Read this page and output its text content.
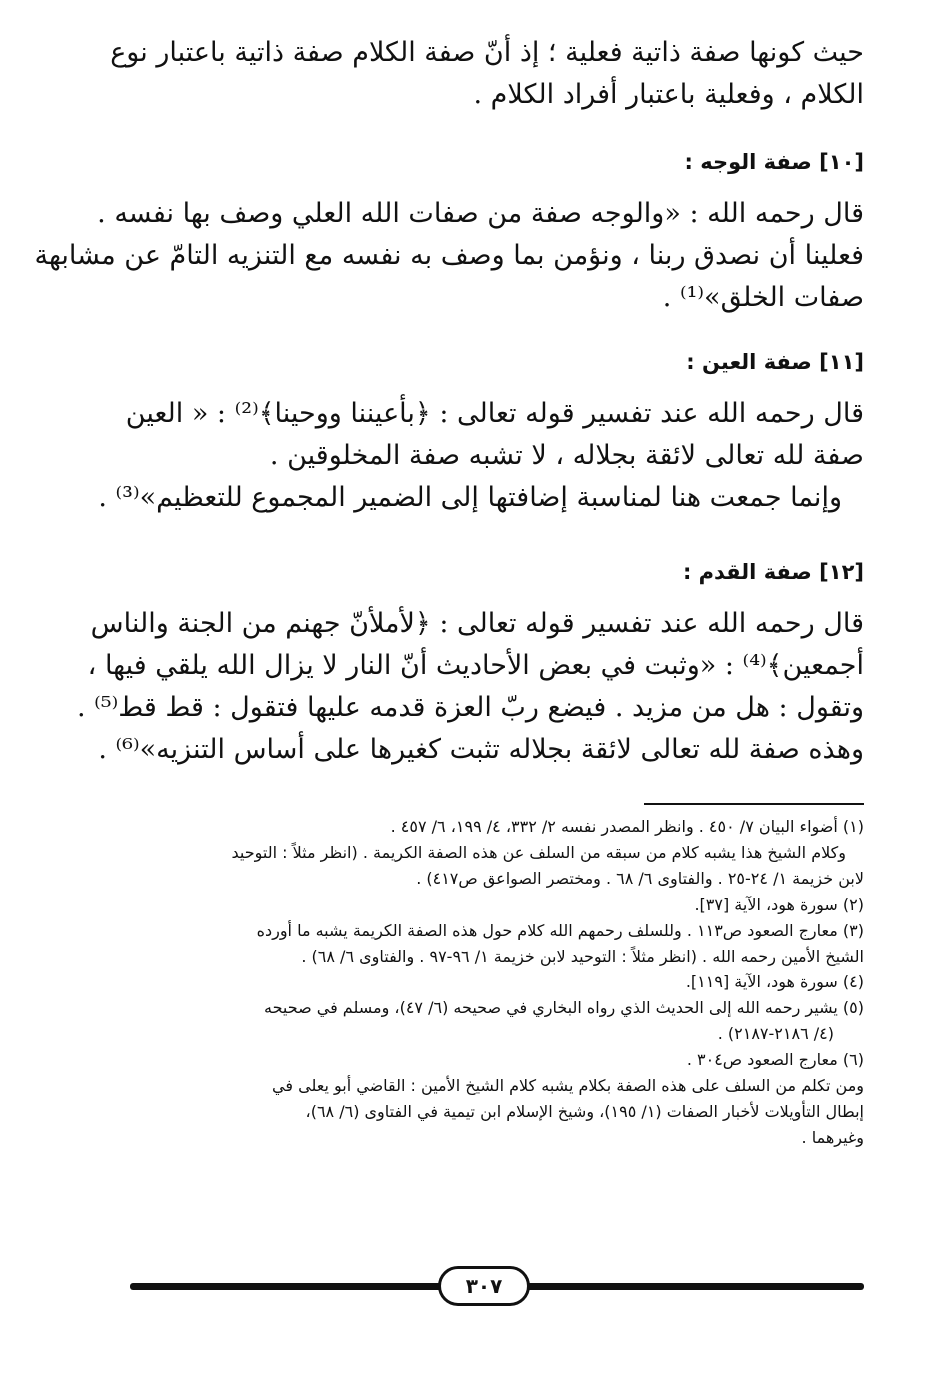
حيث كونها صفة ذاتية فعلية ؛ إذ أنّ صفة الكلام صفة ذاتية باعتبار نوع
الكلام ، وفعلية باعتبار أفراد الكلام .
[١٠] صفة الوجه :
قال رحمه الله : «والوجه صفة من صفات الله العلي وصف بها نفسه .
فعلينا أن نصدق ربنا ، ونؤمن بما وصف به نفسه مع التنزيه التامّ عن مشابهة
صفات الخلق»⁽¹⁾ .
[١١] صفة العين :
قال رحمه الله عند تفسير قوله تعالى : ﴿بأعيننا ووحينا﴾⁽²⁾ : « العين
صفة لله تعالى لائقة بجلاله ، لا تشبه صفة المخلوقين .
وإنما جمعت هنا لمناسبة إضافتها إلى الضمير المجموع للتعظيم»⁽³⁾ .
[١٢] صفة القدم :
قال رحمه الله عند تفسير قوله تعالى : ﴿لأملأنّ جهنم من الجنة والناس
أجمعين﴾⁽⁴⁾ : «وثبت في بعض الأحاديث أنّ النار لا يزال الله يلقي فيها ،
وتقول : هل من مزيد . فيضع ربّ العزة قدمه عليها فتقول : قط قط⁽⁵⁾ .
وهذه صفة لله تعالى لائقة بجلاله تثبت كغيرها على أساس التنزيه»⁽⁶⁾ .
(١) أضواء البيان ٧/ ٤٥٠ . وانظر المصدر نفسه ٢/ ٣٣٢، ٤/ ١٩٩، ٦/ ٤٥٧ .
وكلام الشيخ هذا يشبه كلام من سبقه من السلف عن هذه الصفة الكريمة . (انظر مثلاً : التوحيد
لابن خزيمة ١/ ٢٤-٢٥ . والفتاوى ٦/ ٦٨ . ومختصر الصواعق ص٤١٧) .
(٢) سورة هود، الآية [٣٧].
(٣) معارج الصعود ص١١٣ . وللسلف رحمهم الله كلام حول هذه الصفة الكريمة يشبه ما أورده
الشيخ الأمين رحمه الله . (انظر مثلاً : التوحيد لابن خزيمة ١/ ٩٦-٩٧ . والفتاوى ٦/ ٦٨) .
(٤) سورة هود، الآية [١١٩].
(٥) يشير رحمه الله إلى الحديث الذي رواه البخاري في صحيحه (٦/ ٤٧)، ومسلم في صحيحه
(٤/ ٢١٨٦-٢١٨٧) .
(٦) معارج الصعود ص٣٠٤ .
ومن تكلم من السلف على هذه الصفة بكلام يشبه كلام الشيخ الأمين : القاضي أبو يعلى في
إبطال التأويلات لأخبار الصفات (١/ ١٩٥)، وشيخ الإسلام ابن تيمية في الفتاوى (٦/ ٦٨)،
وغيرهما .
٣٠٧
